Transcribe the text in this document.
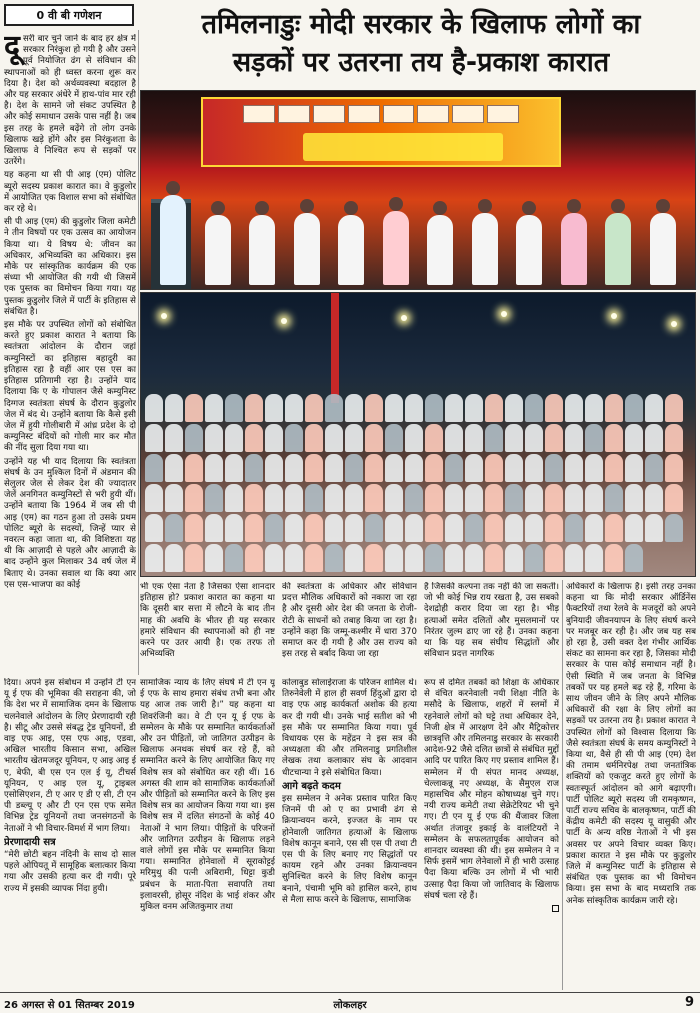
0 वी बी गणेशन	तमिलनाडुः मोदी सरकार के खिलाफ लोगों का
सड़कों पर उतरना तय है-प्रकाश कारात

दूसरी बार चुने जाने के बाद हर क्षेत्र में सरकार निरंकुश हो गयी है और उसने पूर्व नियोजित ढंग से संविधान की स्थापनाओं को ही ध्वस्त करना शुरू कर दिया है। देश को अर्थव्यवस्था बदहाल है और यह सरकार अंधेरे में हाथ-पांव मार रही है। देश के सामने जो संकट उपस्थित है और कोई समाधान उसके पास नहीं है। जब इस तरह के हमले बढ़ेंगे तो लोग उनके खिलाफ खड़े होंगे और इस निरंकुशता के खिलाफ वे निश्चित रूप से सड़कों पर उतरेंगे।

यह कहना था सी पी आइ (एम) पोलिट ब्यूरो सदस्य प्रकाश कारात का। वे कुडुलोर में आयोजित एक विशाल सभा को संबोधित कर रहे थे।

सी पी आइ (एम) की कुडुलोर जिला कमेटी ने तीन विषयों पर एक उत्सव का आयोजन किया था। ये विषय थे: जीवन का अधिकार, अभिव्यक्ति का अधिकार। इस मौके पर सांस्कृतिक कार्यक्रम की एक संध्या भी आयोजित की गयी थी जिसमें एक पुस्तक का विमोचन किया गया। यह पुस्तक कुडुलोर जिले में पार्टी के इतिहास से संबंधित है।

इस मौके पर उपस्थित लोगों को संबोधित करते हुए प्रकाश कारात ने बताया कि स्वतंत्रता आंदोलन के दौरान जहां कम्युनिस्टों का इतिहास बहादुरी का इतिहास रहा है वहीं आर एस एस का इतिहास प्रतिगामी रहा है। उन्होंने याद दिलाया कि ए के गोपालन जैसे कम्युनिस्ट दिग्गज स्वतंत्रता संघर्ष के दौरान कुडुलोर जेल में बंद थे। उन्होंने बताया कि कैसे इसी जेल में हुयी गोलीबारी में आंध्र प्रदेश के दो कम्युनिस्ट बंदियों को गोली मार कर मौत की नींद सुला दिया गया था।

उन्होंने यह भी याद दिलाया कि स्वतंत्रता संघर्ष के उन मुश्किल दिनों में अंडमान की सेलुलर जेल से लेकर देश की ज्यादातर जेलें अनगिनत कम्युनिस्टों से भरी हुयी थीं। उन्होंने बताया कि 1964 में जब सी पी आइ (एम) का गठन हुआ तो उसके प्रथम पोलिट ब्यूरो के सदस्यों, जिन्हें प्यार से नवरत्न कहा जाता था, की विशिष्टता यह थी कि आज़ादी से पहले और आज़ादी के बाद उन्होंने कुल मिलाकर 34 वर्ष जेल में बिताए थे। उनका सवाल था कि क्या आर एस एस-भाजपा का कोई	भी एक ऐसा नेता है जिसका ऐसा शानदार इतिहास हो? प्रकाश कारात का कहना था कि दूसरी बार सत्ता में लौटने के बाद तीन माह की अवधि के भीतर ही यह सरकार हमारे संविधान की स्थापनाओं को ही नष्ट करने पर उतर आयी है। एक तरफ तो अभिव्यक्ति
की स्वतंत्रता के अधिकार और संविधान प्रदत्त मौलिक अधिकारों को नकारा जा रहा है और दूसरी ओर देश की जनता के रोजी-रोटी के साधनों को तबाह किया जा रहा है। उन्होंने कहा कि जम्मू-कश्मीर में धारा 370 समाप्त कर दी गयी है और उस राज्य को इस तरह से बर्बाद किया जा रहा
है जिसकी कल्पना तक नहीं की जा सकती। जो भी कोई भिन्न राय रखता है, उस सबको देशद्रोही करार दिया जा रहा है। भीड़ हत्याओं समेत दलितों और मुसलमानों पर निरंतर जुल्म ढाए जा रहे हैं। उनका कहना था कि यह सब संघीय सिद्धांतों और संविधान प्रदत्त नागरिक
अधिकारों के खिलाफ है। इसी तरह उनका कहना था कि मोदी सरकार ऑर्डिनेंस फैक्टरियों तथा रेलवे के मजदूरों को अपने बुनियादी जीवनयापन के लिए संघर्ष करने पर मजबूर कर रही है। और जब यह सब हो रहा है, उसी वक्त देश गंभीर आर्थिक संकट का सामना कर रहा है, जिसका मोदी सरकार के पास कोई समाधान नहीं है। ऐसी स्थिति में जब जनता के विभिन्न तबकों पर यह हमले बढ़ रहे हैं, गरिमा के साथ जीवन जीने के लिए अपने मौलिक अधिकारों की रक्षा के लिए लोगों का सड़कों पर उतरना तय है। प्रकाश कारात ने उपस्थित लोगों को विश्वास दिलाया कि जैसे स्वतंत्रता संघर्ष के समय कम्युनिस्टों ने किया था, वैसे ही सी पी आइ (एम) देश की तमाम धर्मनिरपेक्ष तथा जनतांत्रिक शक्तियों को एकजुट करते हुए लोगों के स्वतःस्फूर्त आंदोलन को आगे बढ़ाएगी। पार्टी पोलिट ब्यूरो सदस्य जी रामकृष्णन, पार्टी राज्य सचिव के बालकृष्णन, पार्टी की केंद्रीय कमेटी की सदस्य यू वासुकी और पार्टी के अन्य वरिष्ठ नेताओं ने भी इस अवसर पर अपने विचार व्यक्त किए। प्रकाश कारात ने इस मौके पर कुडुलोर जिले में कम्युनिस्ट पार्टी के इतिहास से संबंधित एक पुस्तक का भी विमोचन किया। इस सभा के बाद मध्यरात्रि तक अनेक सांस्कृतिक कार्यक्रम जारी रहे।

दिया। अपने इस संबोधन में उन्होंने टी एन यू ई एफ की भूमिका की सराहना की, जो कि देश भर में सामाजिक दमन के खिलाफ चलनेवाले आंदोलन के लिए प्रेरणादायी रही है। सीटू और उससे संबद्ध ट्रेड यूनियनों, डी वाइ एफ आइ, एस एफ आइ, एडवा, अखिल भारतीय किसान सभा, अखिल भारतीय खेतमजदूर यूनियन, ए आइ आइ ई ए, बेफी, बी एस एन एल ई यू, टीचर्स यूनियन, ए आइ एल यू, ट्राइबल एसोसिएशन, टी ए आर ए डी ए सी, टी एन पी डब्ल्यू ए और टी एन एस एफ समेत विभिन्न ट्रेड यूनियनों तथा जनसंगठनों के नेताओं ने भी विचार-विमर्श में भाग लिया।

प्रेरणादायी सत्र

“मेरी छोटी बहन नंदिनी के साथ दो साल पहले ओपियतू में सामूहिक बलात्कार किया गया और उसकी हत्या कर दी गयी। पूरे राज्य में इसकी व्यापक निंदा हुयी।

सामाजिक न्याय के लिए संघर्ष में टी एन यू ई एफ के साथ हमारा संबंध तभी बना और यह आज तक जारी है।” यह कहना था शिवरंजिनी का। वे टी एन यू ई एफ के सम्मेलन के मौके पर सम्मानित कार्यकर्ताओं और उन पीड़ितों, जो जातिगत उत्पीड़न के खिलाफ अनथक संघर्ष कर रहे हैं, को सम्मानित करने के लिए आयोजित किए गए विशेष सत्र को संबोधित कर रही थीं। 16 अगस्त की शाम को सामाजिक कार्यकर्ताओं और पीड़ितों को सम्मानित करने के लिए इस विशेष सत्र का आयोजन किया गया था। इस विशेष सत्र में दलित संगठनों के कोई 40 नेताओं ने भाग लिया। पीड़ितों के परिजनों और जातिगत उत्पीड़न के खिलाफ लड़ने वाले लोगों इस मौके पर सम्मानित किया गया। सम्मानित होनेवालों में सूराकोट्टई मरिमुथु की पत्नी अबिरामी, धिट्टा कुडी प्रबंधन के माता-पिता सवापति तथा इलावरसी, होसूर नंदिश के भाई शंकर और मुकिल वनम अजितकुमार तथा

कोलाबुड सोलाईराजा के परिजन शामिल थे। तिरुनेवेली में हाल ही सवर्ण हिंदुओं द्वारा दो वाइ एफ आइ कार्यकर्ता अशोक की हत्या कर दी गयी थी। उनके भाई सतीश को भी इस मौके पर सम्मानित किया गया। पूर्व विधायक एस के महेंद्रन ने इस सत्र की अध्यक्षता की और तमिलनाडु प्रगतिशील लेखक तथा कलाकार संघ के आदवान धीटचान्या ने इसे संबोधित किया।

आगे बढ़ते कदम

इस सम्मेलन ने अनेक प्रस्ताव पारित किए जिनमें पी ओ ए का प्रभावी ढंग से क्रियान्वयन करने, इज्जत के नाम पर होनेवाली जातिगत हत्याओं के खिलाफ विशेष कानून बनाने, एस सी एस पी तथा टी एस पी के लिए बनाए गए सिद्धांतों पर कायम रहने और उनका क्रियान्वयन सुनिश्चित करने के लिए विशेष कानून बनाने, पंचामी भूमि को हासिल करने, हाथ से मैला साफ करने के खिलाफ, सामाजिक

रूप से दमित तबकों को शिक्षा के अधिकार से वंचित करनेवाली नयी शिक्षा नीति के मसौदे के खिलाफ, शहरों में स्लमों में रहनेवाले लोगों को घट्टे तथा अधिकार देने, निजी क्षेत्र में आरक्षण देने और मैट्रिकोत्तर छात्रवृत्ति और तमिलनाडु सरकार के सरकारी आदेश-92 जैसे दलित छात्रों से संबंधित मुद्दों आदि पर पारित किए गए प्रस्ताव शामिल हैं। सम्मेलन में पी संपत मानद अध्यक्ष, चेल्लाकन्नू नए अध्यक्ष, के सैमुएल राज महासचिव और मोहन कोषाध्यक्ष चुने गए। नयी राज्य कमेटी तथा सेक्रेटेरियट भी चुने गए। टी एन यू ई एफ की थैंजावर जिला अर्थात तंजावूर इकाई के वालंटियरों ने सम्मेलन के सफलतापूर्वक आयोजन को शानदार व्यवस्था की थी। इस सम्मेलन ने न सिर्फ इसमें भाग लेनेवालों में ही भारी उत्साह पैदा किया बल्कि उन लोगों में भी भारी उत्साह पैदा किया जो जातिवाद के खिलाफ संघर्ष चला रहे हैं।

26 अगस्त से 01 सितम्बर 2019	लोकलहर	9
